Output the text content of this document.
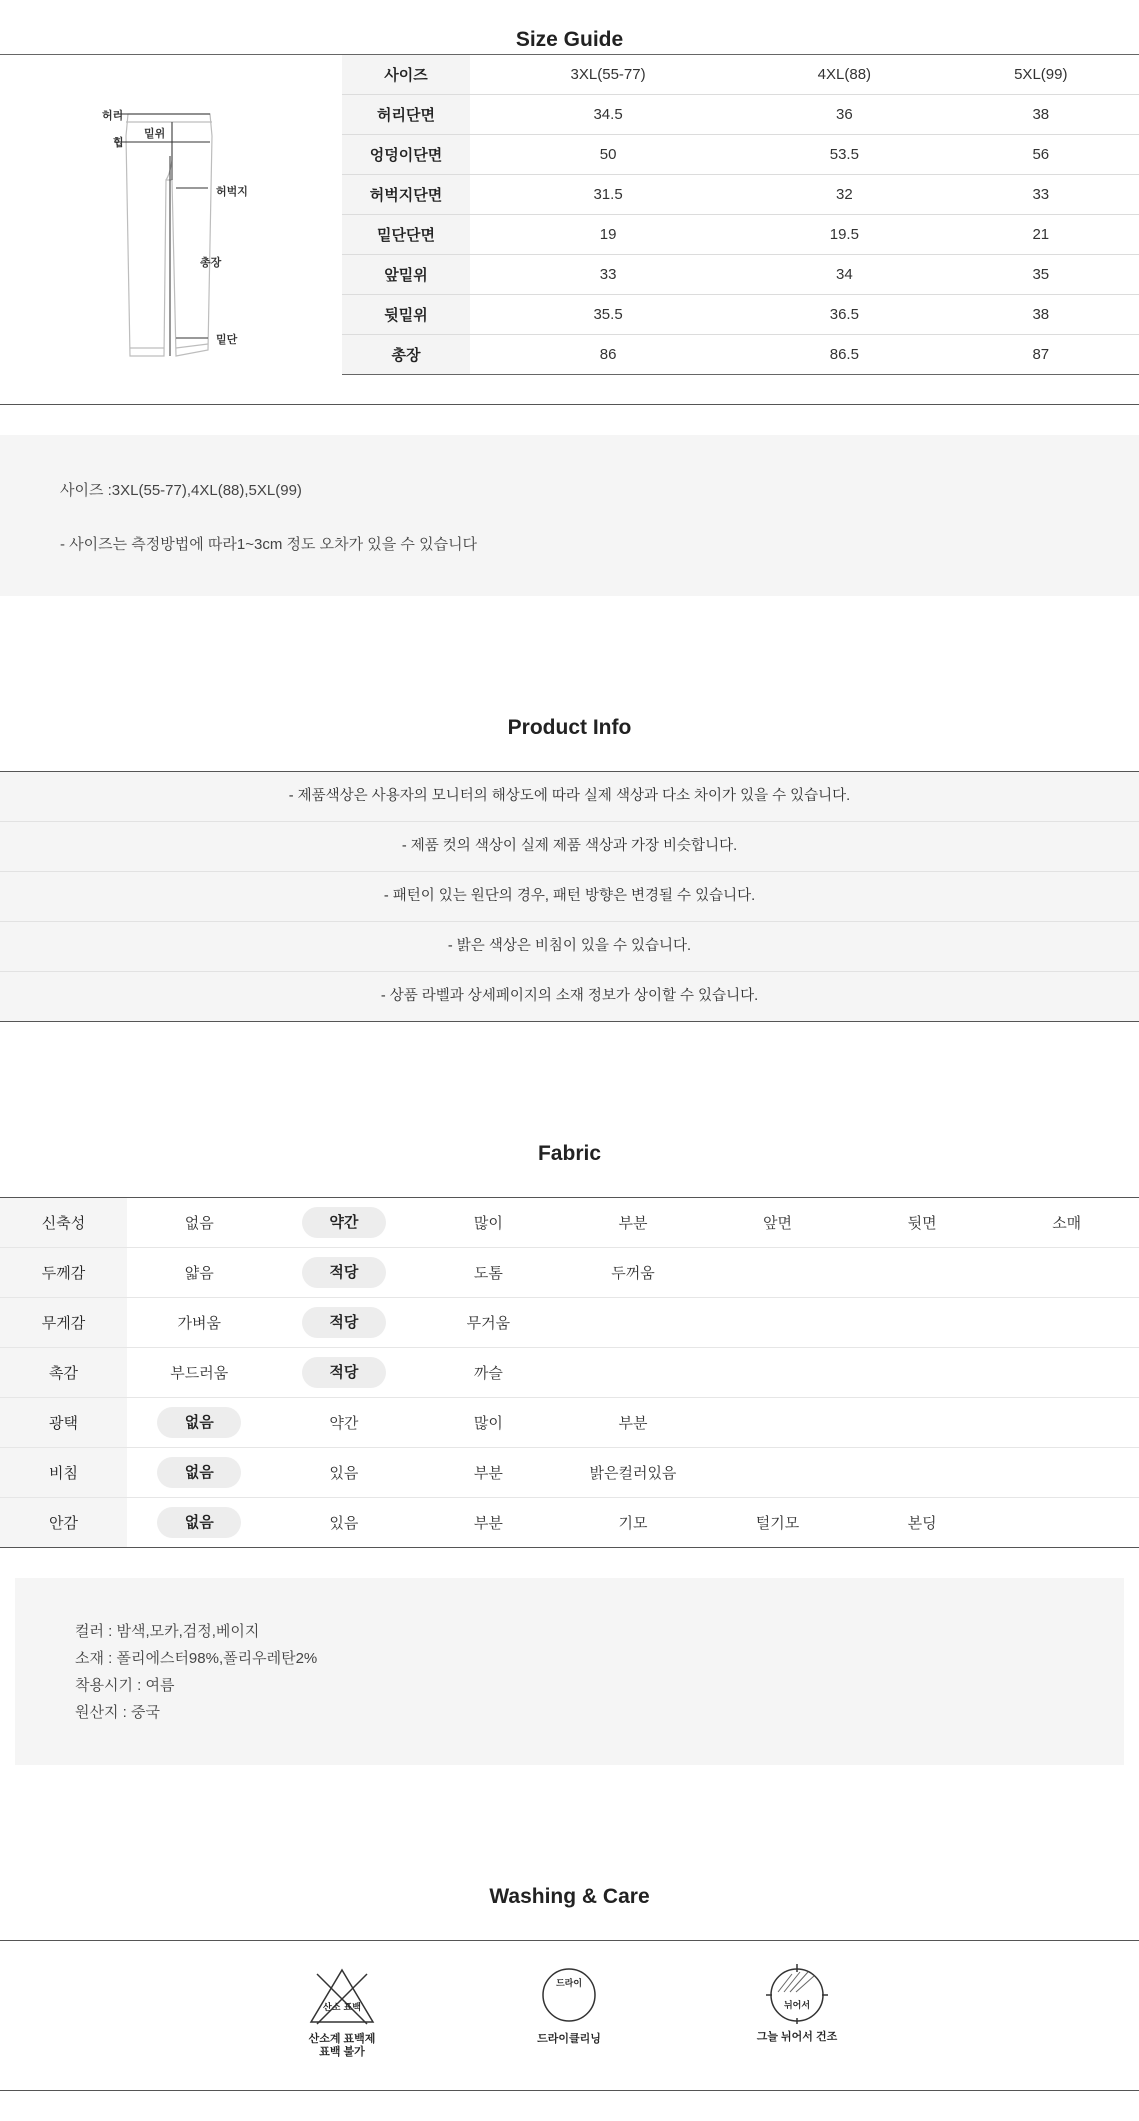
Size Guide
허리
힙
밑위
허벅지
총장
밑단
사이즈	3XL(55-77)	4XL(88)	5XL(99)
허리단면	34.5	36	38
엉덩이단면	50	53.5	56
허벅지단면	31.5	32	33
밑단단면	19	19.5	21
앞밑위	33	34	35
뒷밑위	35.5	36.5	38
총장	86	86.5	87
사이즈 :3XL(55-77),4XL(88),5XL(99)
- 사이즈는 측정방법에 따라1~3cm 정도 오차가 있을 수 있습니다
Product Info
- 제품색상은 사용자의 모니터의 해상도에 따라 실제 색상과 다소 차이가 있을 수 있습니다.
- 제품 컷의 색상이 실제 제품 색상과 가장 비슷합니다.
- 패턴이 있는 원단의 경우, 패턴 방향은 변경될 수 있습니다.
- 밝은 색상은 비침이 있을 수 있습니다.
- 상품 라벨과 상세페이지의 소재 정보가 상이할 수 있습니다.
Fabric
신축성	없음	약간	많이	부분	앞면	뒷면	소매
두께감	얇음	적당	도톰	두꺼움			
무게감	가벼움	적당	무거움				
촉감	부드러움	적당	까슬				
광택	없음	약간	많이	부분			
비침	없음	있음	부분	밝은컬러있음			
안감	없음	있음	부분	기모	털기모	본딩	
컬러 : 밤색,모카,검정,베이지
소재 : 폴리에스터98%,폴리우레탄2%
착용시기 : 여름
원산지 : 중국
Washing & Care
산소 표백
산소계 표백제
표백 불가
드라이
드라이클리닝
뉘어서
그늘 뉘어서 건조
